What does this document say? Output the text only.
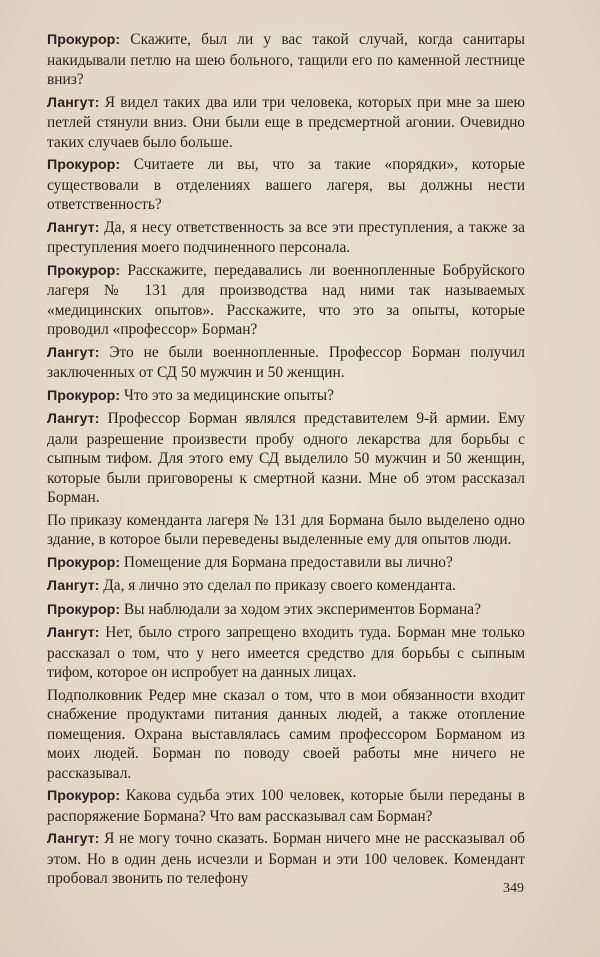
Прокурор: Скажите, был ли у вас такой случай, когда санитары накидывали петлю на шею больного, тащили его по каменной лестнице вниз?

Лангут: Я видел таких два или три человека, которых при мне за шею петлей стянули вниз. Они были еще в предсмертной агонии. Очевидно таких случаев было больше.

Прокурор: Считаете ли вы, что за такие «порядки», которые существовали в отделениях вашего лагеря, вы должны нести ответственность?

Лангут: Да, я несу ответственность за все эти преступления, а также за преступления моего подчиненного персонала.

Прокурор: Расскажите, передавались ли военнопленные Бобруйского лагеря № 131 для производства над ними так называемых «медицинских опытов». Расскажите, что это за опыты, которые проводил «профессор» Борман?

Лангут: Это не были военнопленные. Профессор Борман получил заключенных от СД 50 мужчин и 50 женщин.

Прокурор: Что это за медицинские опыты?

Лангут: Профессор Борман являлся представителем 9-й армии. Ему дали разрешение произвести пробу одного лекарства для борьбы с сыпным тифом. Для этого ему СД выделило 50 мужчин и 50 женщин, которые были приговорены к смертной казни. Мне об этом рассказал Борман.

По приказу коменданта лагеря № 131 для Бормана было выделено одно здание, в которое были переведены выделенные ему для опытов люди.

Прокурор: Помещение для Бормана предоставили вы лично?

Лангут: Да, я лично это сделал по приказу своего коменданта.

Прокурор: Вы наблюдали за ходом этих экспериментов Бормана?

Лангут: Нет, было строго запрещено входить туда. Борман мне только рассказал о том, что у него имеется средство для борьбы с сыпным тифом, которое он испробует на данных лицах.

Подполковник Редер мне сказал о том, что в мои обязанности входит снабжение продуктами питания данных людей, а также отопление помещения. Охрана выставлялась самим профессором Борманом из моих людей. Борман по поводу своей работы мне ничего не рассказывал.

Прокурор: Какова судьба этих 100 человек, которые были переданы в распоряжение Бормана? Что вам рассказывал сам Борман?

Лангут: Я не могу точно сказать. Борман ничего мне не рассказывал об этом. Но в один день исчезли и Борман и эти 100 человек. Комендант пробовал звонить по телефону

349
